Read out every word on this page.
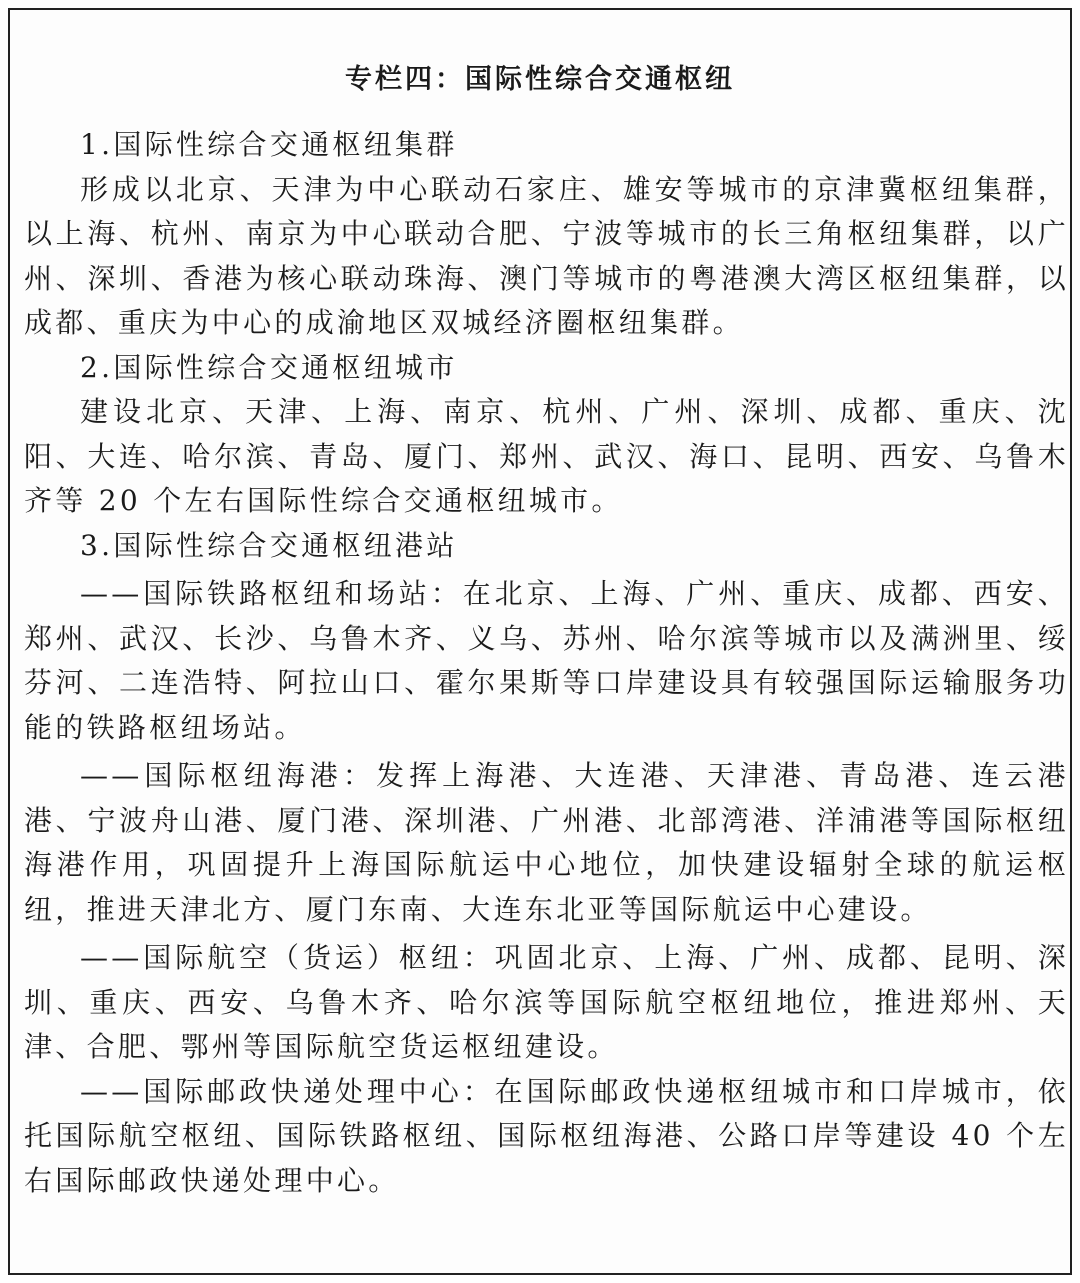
专栏四：国际性综合交通枢纽

1.国际性综合交通枢纽集群

形成以北京、天津为中心联动石家庄、雄安等城市的京津冀枢纽集群，以上海、杭州、南京为中心联动合肥、宁波等城市的长三角枢纽集群，以广州、深圳、香港为核心联动珠海、澳门等城市的粤港澳大湾区枢纽集群，以成都、重庆为中心的成渝地区双城经济圈枢纽集群。

2.国际性综合交通枢纽城市

建设北京、天津、上海、南京、杭州、广州、深圳、成都、重庆、沈阳、大连、哈尔滨、青岛、厦门、郑州、武汉、海口、昆明、西安、乌鲁木齐等 20 个左右国际性综合交通枢纽城市。

3.国际性综合交通枢纽港站

——国际铁路枢纽和场站：在北京、上海、广州、重庆、成都、西安、郑州、武汉、长沙、乌鲁木齐、义乌、苏州、哈尔滨等城市以及满洲里、绥芬河、二连浩特、阿拉山口、霍尔果斯等口岸建设具有较强国际运输服务功能的铁路枢纽场站。

——国际枢纽海港：发挥上海港、大连港、天津港、青岛港、连云港港、宁波舟山港、厦门港、深圳港、广州港、北部湾港、洋浦港等国际枢纽海港作用，巩固提升上海国际航运中心地位，加快建设辐射全球的航运枢纽，推进天津北方、厦门东南、大连东北亚等国际航运中心建设。

——国际航空（货运）枢纽：巩固北京、上海、广州、成都、昆明、深圳、重庆、西安、乌鲁木齐、哈尔滨等国际航空枢纽地位，推进郑州、天津、合肥、鄂州等国际航空货运枢纽建设。

——国际邮政快递处理中心：在国际邮政快递枢纽城市和口岸城市，依托国际航空枢纽、国际铁路枢纽、国际枢纽海港、公路口岸等建设 40 个左右国际邮政快递处理中心。
